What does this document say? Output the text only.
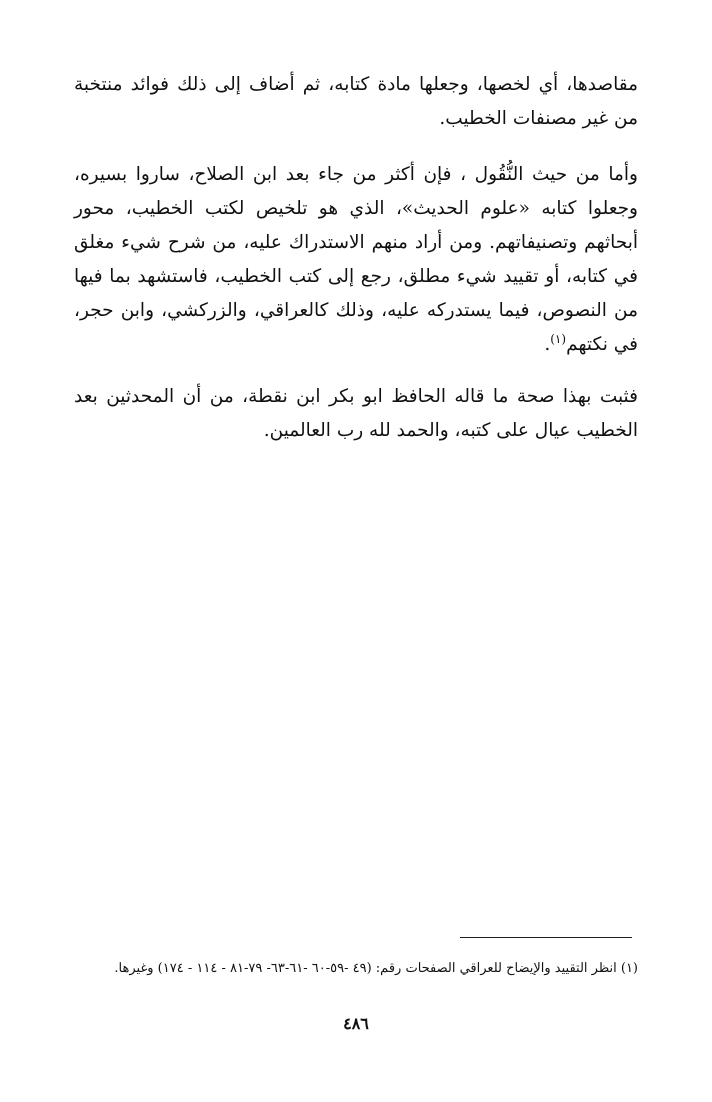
مقاصدها، أي لخصها، وجعلها مادة كتابه، ثم أضاف إلى ذلك فوائد منتخبة من غير مصنفات الخطيب.

وأما من حيث النُّقُول ، فإن أكثر من جاء بعد ابن الصلاح، ساروا بسيره، وجعلوا كتابه «علوم الحديث»، الذي هو تلخيص لكتب الخطيب، محور أبحاثهم وتصنيفاتهم. ومن أراد منهم الاستدراك عليه، من شرح شيء مغلق في كتابه، أو تقييد شيء مطلق، رجع إلى كتب الخطيب، فاستشهد بما فيها من النصوص، فيما يستدركه عليه، وذلك كالعراقي، والزركشي، وابن حجر، في نكتهم$^{(١)}$.

فثبت بهذا صحة ما قاله الحافظ ابو بكر ابن نقطة، من أن المحدثين بعد الخطيب عيال على كتبه، والحمد لله رب العالمين.

(١) انظر التقييد والإيضاح للعراقي الصفحات رقم: (٤٩ -٥٩-٦٠ -٦١-٦٣- ٧٩-٨١ - ١١٤ - ١٧٤) وغيرها.
٤٨٦
